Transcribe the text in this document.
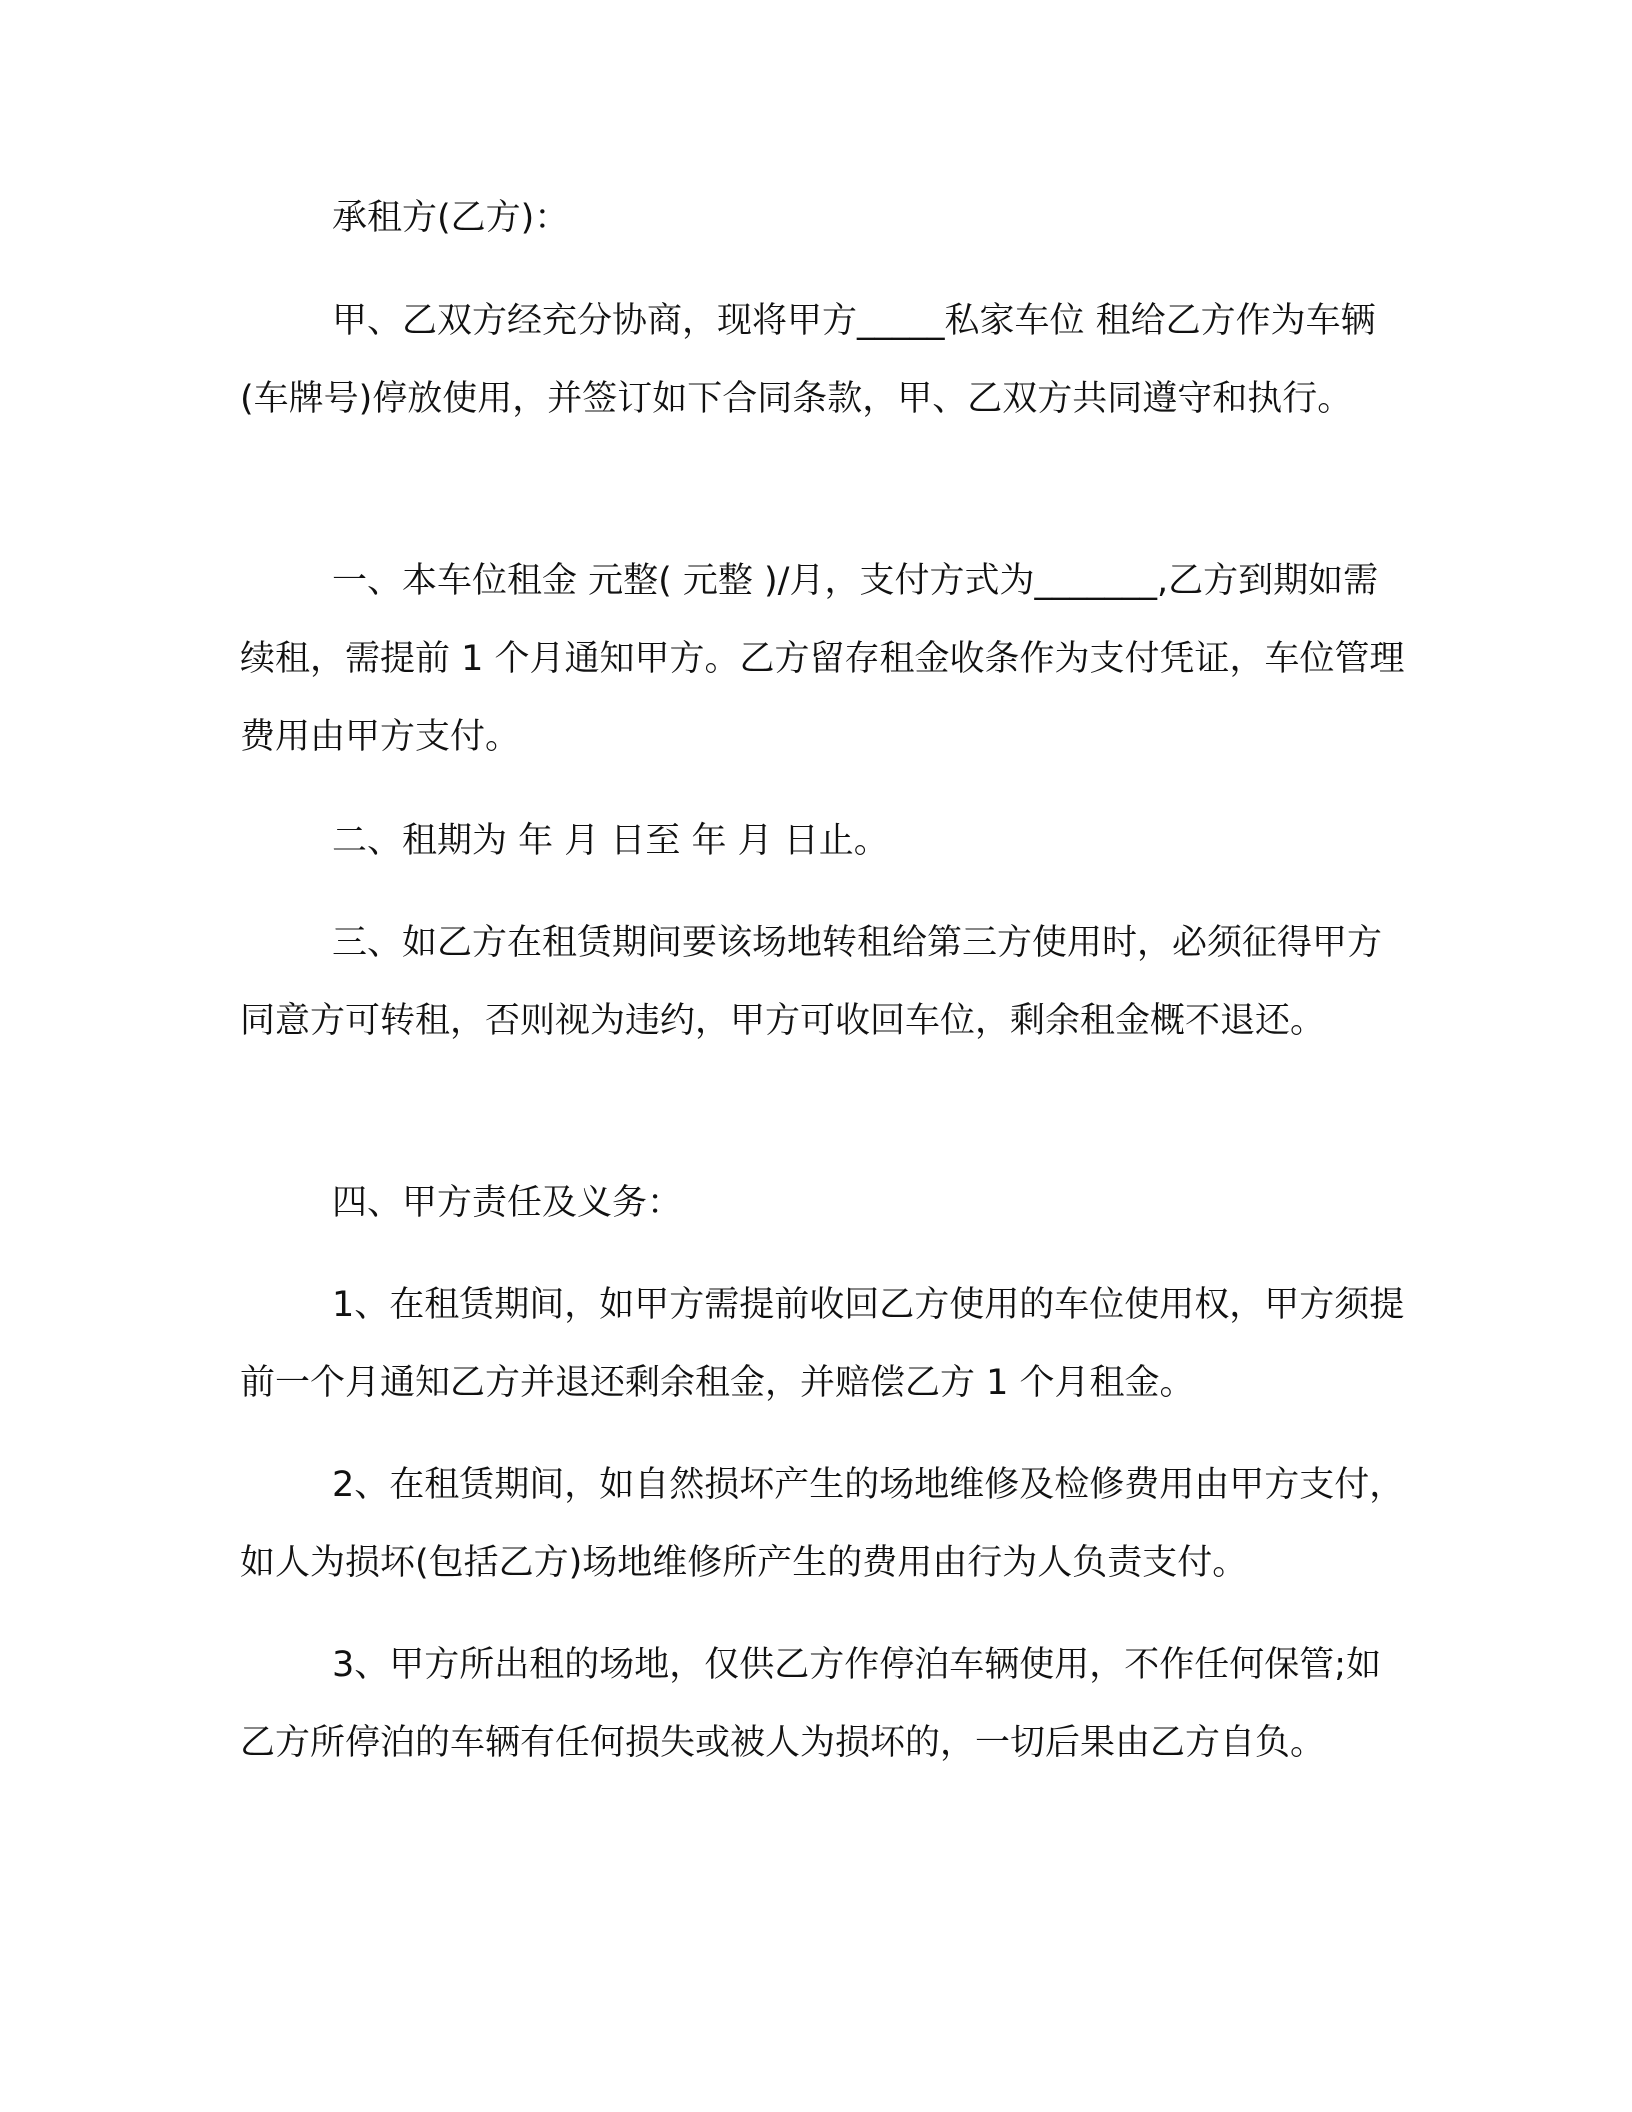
承租方(乙方)：

甲、乙双方经充分协商，现将甲方_____私家车位 租给乙方作为车辆(车牌号)停放使用，并签订如下合同条款，甲、乙双方共同遵守和执行。

一、本车位租金 元整( 元整 )/月，支付方式为_______,乙方到期如需续租，需提前 1 个月通知甲方。乙方留存租金收条作为支付凭证，车位管理费用由甲方支付。

二、租期为 年 月 日至 年 月 日止。

三、如乙方在租赁期间要该场地转租给第三方使用时，必须征得甲方同意方可转租，否则视为违约，甲方可收回车位，剩余租金概不退还。

四、甲方责任及义务：

1、在租赁期间，如甲方需提前收回乙方使用的车位使用权，甲方须提前一个月通知乙方并退还剩余租金，并赔偿乙方 1 个月租金。

2、在租赁期间，如自然损坏产生的场地维修及检修费用由甲方支付，如人为损坏(包括乙方)场地维修所产生的费用由行为人负责支付。

3、甲方所出租的场地，仅供乙方作停泊车辆使用，不作任何保管;如乙方所停泊的车辆有任何损失或被人为损坏的，一切后果由乙方自负。
